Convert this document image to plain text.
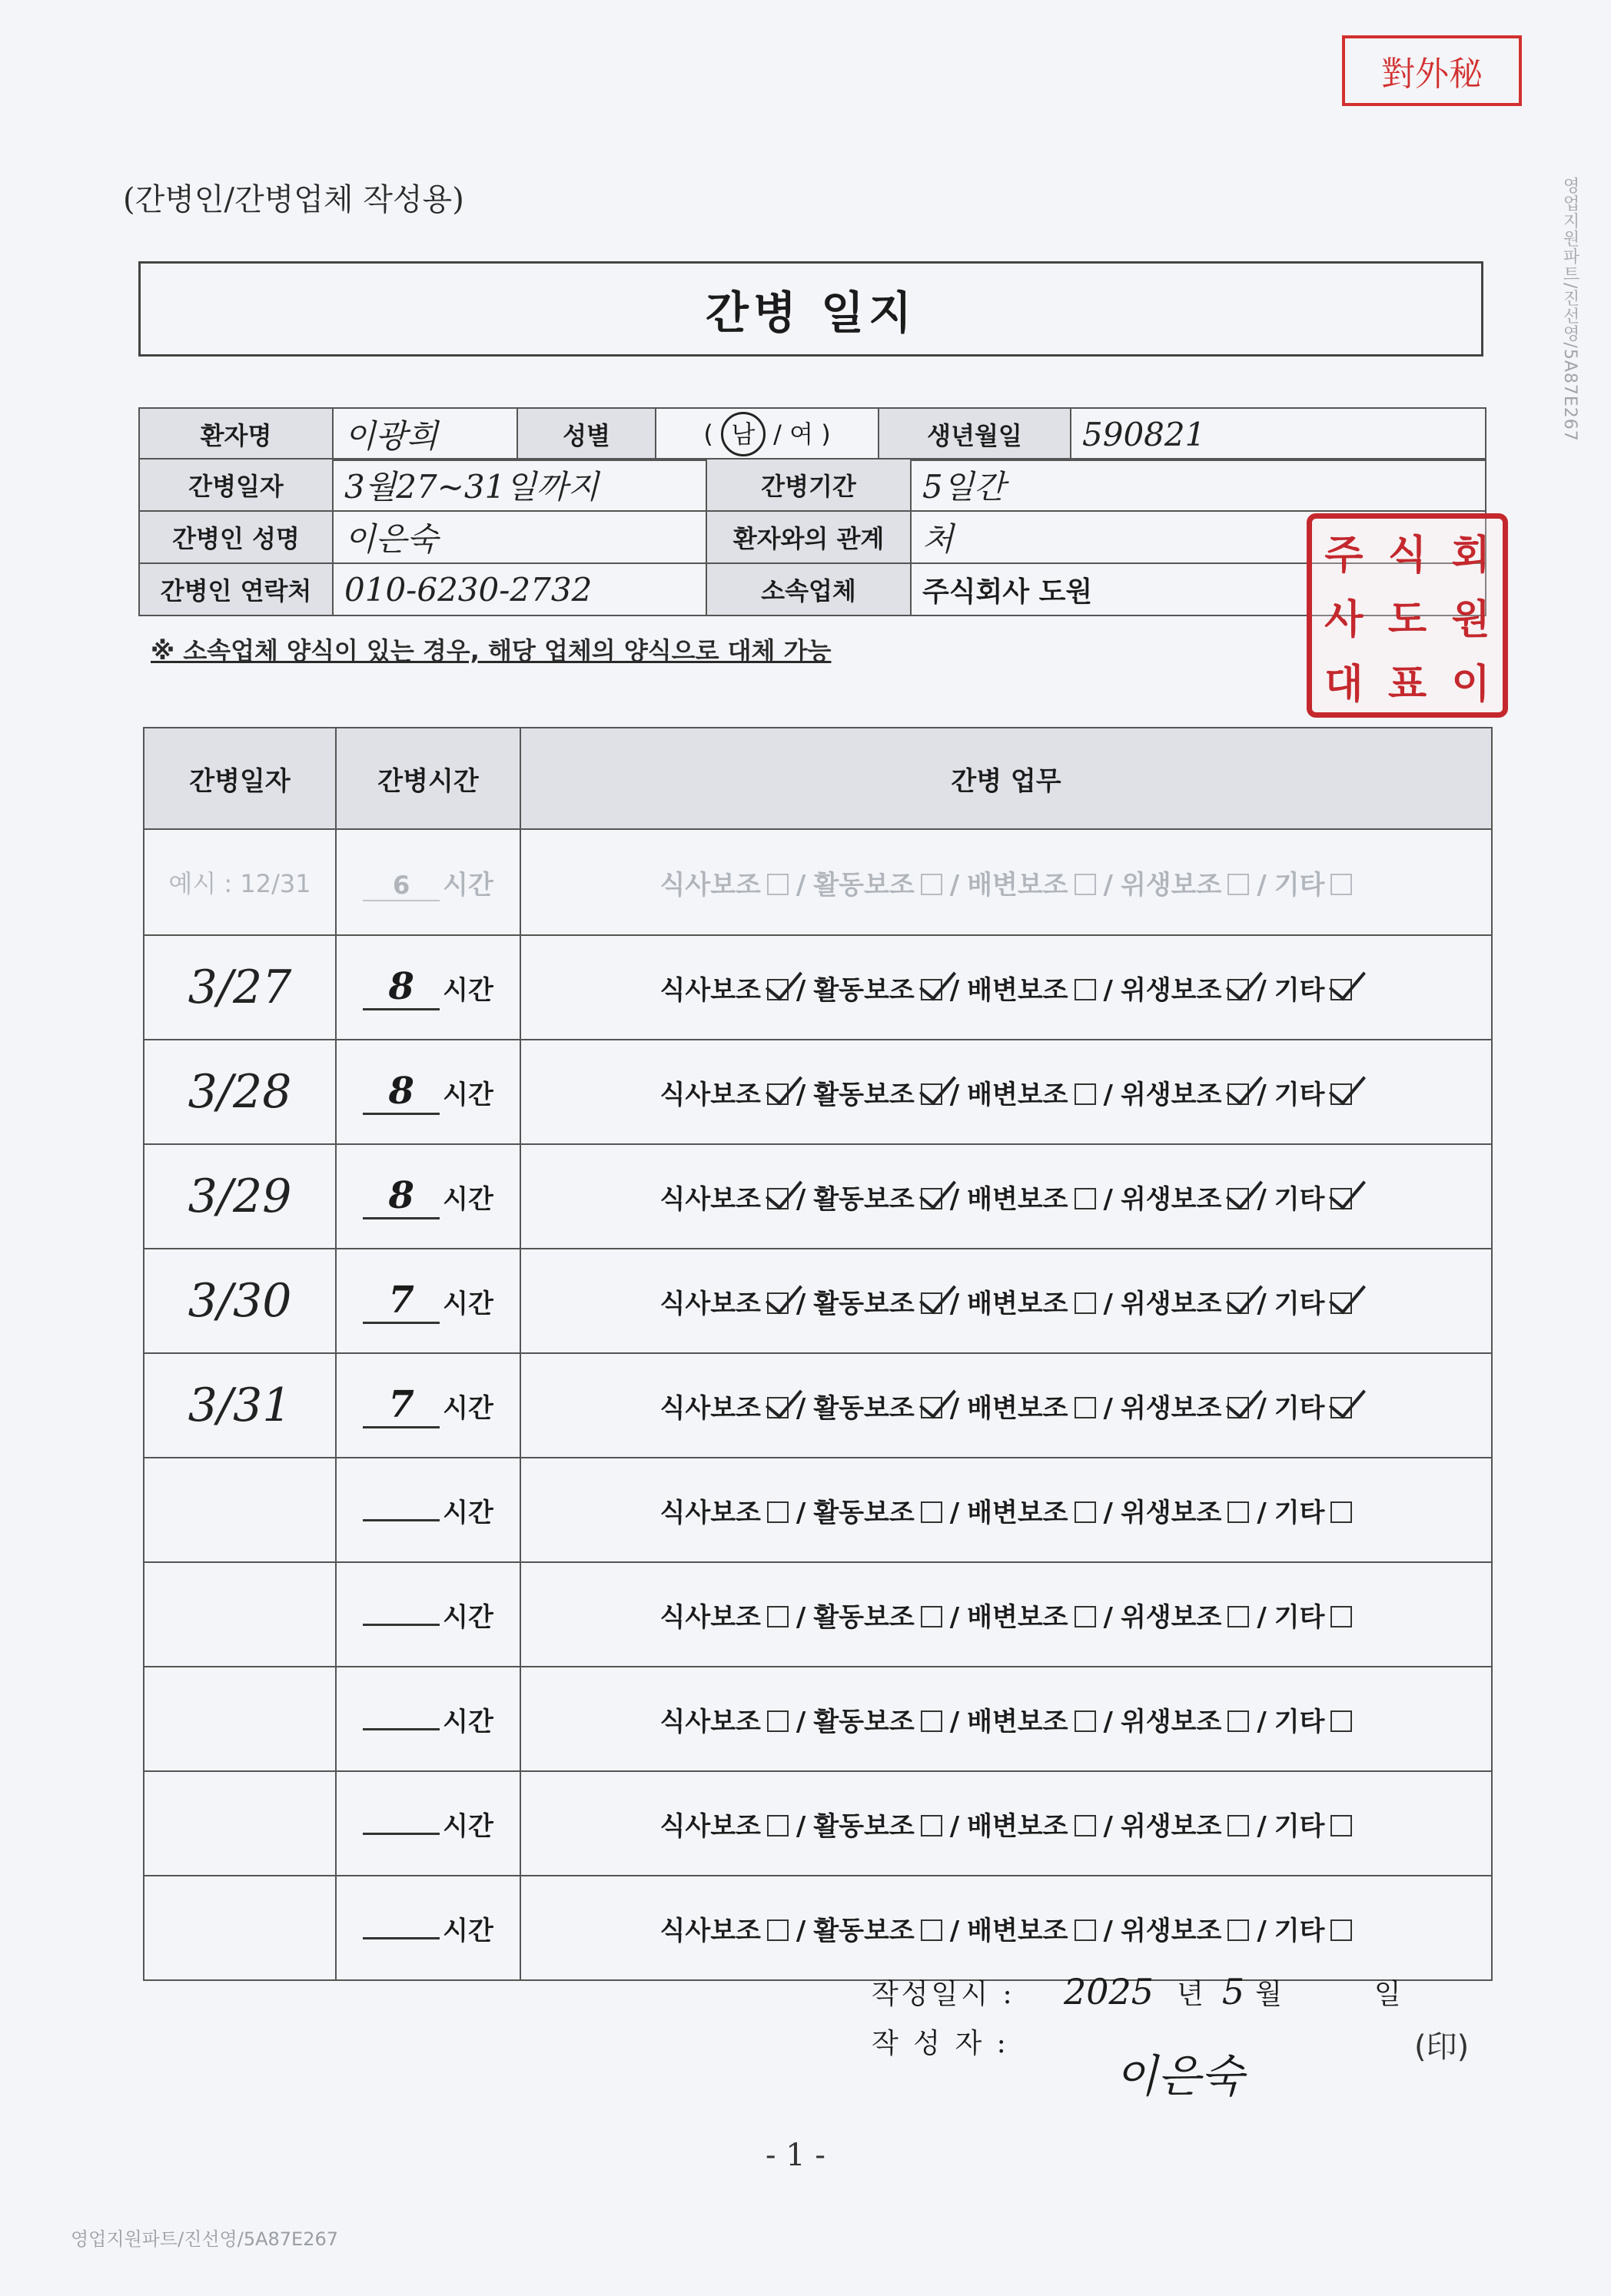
對外秘
영업지원파트/진선영/5A87E267
(간병인/간병업체 작성용)
간병 일지
환자명	이광희	성별	( 남 / 여 )	생년월일	590821
간병일자	3월27~31일까지	간병기간	5일간
간병인 성명	이은숙	환자와의 관계	처
간병인 연락처	010-6230-2732	소속업체	주식회사 도원
※ 소속업체 양식이 있는 경우, 해당 업체의 양식으로 대체 가능
주 식 회
사 도 원
대 표 이
간병일자	간병시간	간병 업무
예시 : 12/31	6 시간	식사보조 / 활동보조 / 배변보조 / 위생보조 / 기타
3/27	8 시간	식사보조 / 활동보조 / 배변보조 / 위생보조 / 기타
3/28	8 시간	식사보조 / 활동보조 / 배변보조 / 위생보조 / 기타
3/29	8 시간	식사보조 / 활동보조 / 배변보조 / 위생보조 / 기타
3/30	7 시간	식사보조 / 활동보조 / 배변보조 / 위생보조 / 기타
3/31	7 시간	식사보조 / 활동보조 / 배변보조 / 위생보조 / 기타
	시간	식사보조 / 활동보조 / 배변보조 / 위생보조 / 기타
	시간	식사보조 / 활동보조 / 배변보조 / 위생보조 / 기타
	시간	식사보조 / 활동보조 / 배변보조 / 위생보조 / 기타
	시간	식사보조 / 활동보조 / 배변보조 / 위생보조 / 기타
	시간	식사보조 / 활동보조 / 배변보조 / 위생보조 / 기타
작성일시 :	2025 년 5 월	일
작 성 자 :
이은숙
(印)
- 1 -
영업지원파트/진선영/5A87E267
